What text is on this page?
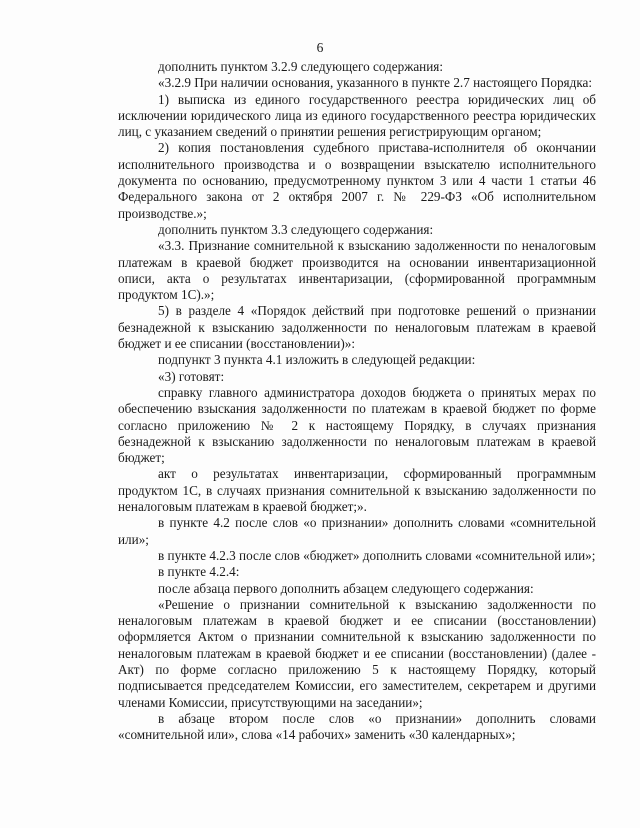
6

дополнить пунктом 3.2.9 следующего содержания:

«3.2.9 При наличии основания, указанного в пункте 2.7 настоящего Порядка:

1) выписка из единого государственного реестра юридических лиц об исключении юридического лица из единого государственного реестра юридических лиц, с указанием сведений о принятии решения регистрирующим органом;

2) копия постановления судебного пристава-исполнителя об окончании исполнительного производства и о возвращении взыскателю исполнительного документа по основанию, предусмотренному пунктом 3 или 4 части 1 статьи 46 Федерального закона от 2 октября 2007 г. № 229-ФЗ «Об исполнительном производстве.»;

дополнить пунктом 3.3 следующего содержания:

«3.3. Признание сомнительной к взысканию задолженности по неналоговым платежам в краевой бюджет производится на основании инвентаризационной описи, акта о результатах инвентаризации, (сформированной программным продуктом 1С).»;

5) в разделе 4 «Порядок действий при подготовке решений о признании безнадежной к взысканию задолженности по неналоговым платежам в краевой бюджет и ее списании (восстановлении)»:

подпункт 3 пункта 4.1 изложить в следующей редакции:

«3) готовят:

справку главного администратора доходов бюджета о принятых мерах по обеспечению взыскания задолженности по платежам в краевой бюджет по форме согласно приложению № 2 к настоящему Порядку, в случаях признания безнадежной к взысканию задолженности по неналоговым платежам в краевой бюджет;

акт о результатах инвентаризации, сформированный программным продуктом 1С, в случаях признания сомнительной к взысканию задолженности по неналоговым платежам в краевой бюджет;».

в пункте 4.2 после слов «о признании» дополнить словами «сомнительной или»;

в пункте 4.2.3 после слов «бюджет» дополнить словами «сомнительной или»;

в пункте 4.2.4:

после абзаца первого дополнить абзацем следующего содержания:

«Решение о признании сомнительной к взысканию задолженности по неналоговым платежам в краевой бюджет и ее списании (восстановлении) оформляется Актом о признании сомнительной к взысканию задолженности по неналоговым платежам в краевой бюджет и ее списании (восстановлении) (далее - Акт) по форме согласно приложению 5 к настоящему Порядку, который подписывается председателем Комиссии, его заместителем, секретарем и другими членами Комиссии, присутствующими на заседании»;

в абзаце втором после слов «о признании» дополнить словами «сомнительной или», слова «14 рабочих» заменить «30 календарных»;
